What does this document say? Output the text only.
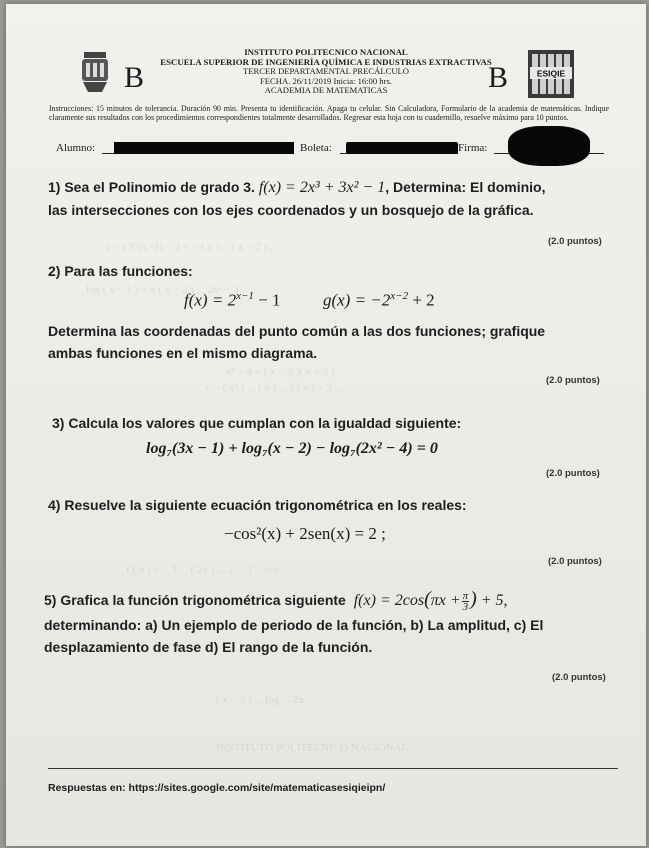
B
INSTITUTO POLITECNICO NACIONAL
ESCUELA SUPERIOR DE INGENIERÍA QUÍMICA E INDUSTRIAS EXTRACTIVAS
TERCER DEPARTAMENTAL PRECÁLCULO
FECHA. 26/11/2019 Inicia: 16:00 hrs.
ACADEMIA DE MATEMATICAS	B	ESIQIE
Instrucciones: 15 minutos de tolerancia. Duración 90 min. Presenta tu identificación. Apaga tu celular. Sin Calculadora, Formulario de la academia de matemáticas. Indique claramente sus resultados con los procedimientos correspondientes totalmente desarrollados. Regresar esta hoja con tu cuadernillo, resuelve máximo para 10 puntos.
Alumno:	Boleta:	Firma:
( − ) 3^(x−1) − 2 = − ( x ) ∴ ( x − 2 ) ...
log ( x − 1 ) = x ( x − 2 ) ... 2x² − 4
x² − 4 = ( x − 2 )( x + 2 )
c − ( x² ) ... ( x ) ... f ( x ) − 3 ...
f ( x ) = − 3 ... ( 2x ) ... 2 ... 1 − cos ...
( x − 2 ) ... log ... 2x ...
INSTITUTO POLITECNICO NACIONAL
1) Sea el Polinomio de grado 3. f(x) = 2x³ + 3x² − 1, Determina: El dominio,
las intersecciones con los ejes coordenados y un bosquejo de la gráfica.
(2.0 puntos)
2) Para las funciones:
$f(x) = 2^{x-1} - 1$	$g(x) = -2^{x-2} + 2$
Determina las coordenadas del punto común a las dos funciones; grafique
ambas funciones en el mismo diagrama.
(2.0 puntos)
3) Calcula los valores que cumplan con la igualdad siguiente:
log₇(3x − 1) + log₇(x − 2) − log₇(2x² − 4) = 0
(2.0 puntos)
4) Resuelve la siguiente ecuación trigonométrica en los reales:
−cos²(x) + 2sen(x) = 2 ;
(2.0 puntos)
5) Grafica la función trigonométrica siguiente $f(x) = 2\cos(\pi x + \frac{\pi}{3}$ ) + 5,
determinando: a) Un ejemplo de periodo de la función, b) La amplitud, c) El
desplazamiento de fase d) El rango de la función.
(2.0 puntos)
Respuestas en: https://sites.google.com/site/matematicasesiqieipn/
